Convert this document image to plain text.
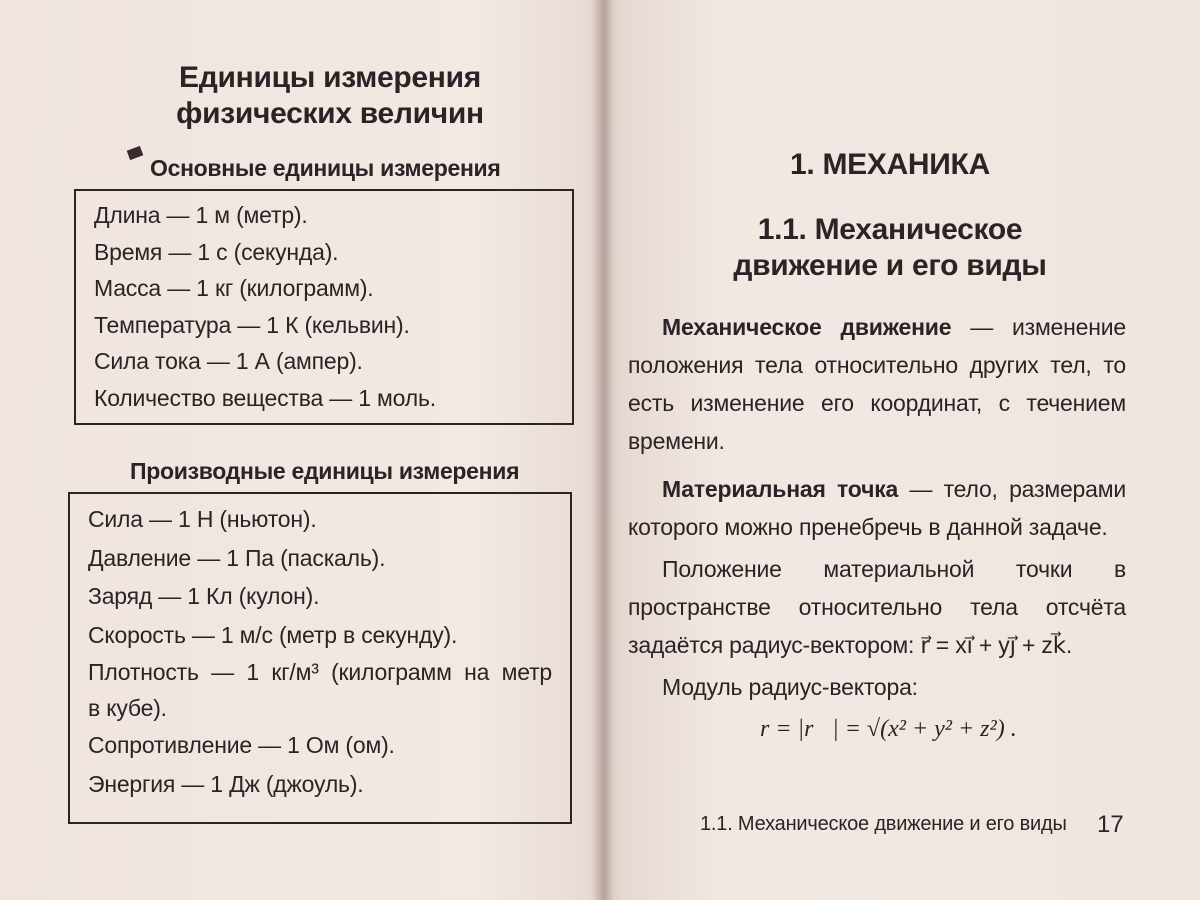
Единицы измерения физических величин
Основные единицы измерения
Длина — 1 м (метр).
Время — 1 с (секунда).
Масса — 1 кг (килограмм).
Температура — 1 К (кельвин).
Сила тока — 1 А (ампер).
Количество вещества — 1 моль.
Производные единицы измерения
Сила — 1 Н (ньютон).
Давление — 1 Па (паскаль).
Заряд — 1 Кл (кулон).
Скорость — 1 м/с (метр в секунду).
Плотность — 1 кг/м³ (килограмм на метр
в кубе).
Сопротивление — 1 Ом (ом).
Энергия — 1 Дж (джоуль).
1. МЕХАНИКА
1.1. Механическое движение и его виды

Механическое движение — изменение положения тела относительно других тел, то есть изменение его координат, с течением времени.

Материальная точка — тело, размерами которого можно пренебречь в данной задаче.

Положение материальной точки в пространстве относительно тела отсчёта задаётся радиус-вектором: r⃗ = xi⃗ + yj⃗ + zk⃗.

Модуль радиус-вектора:

r = |r⃗| = √(x² + y² + z²) .
1.1. Механическое движение и его виды 17
